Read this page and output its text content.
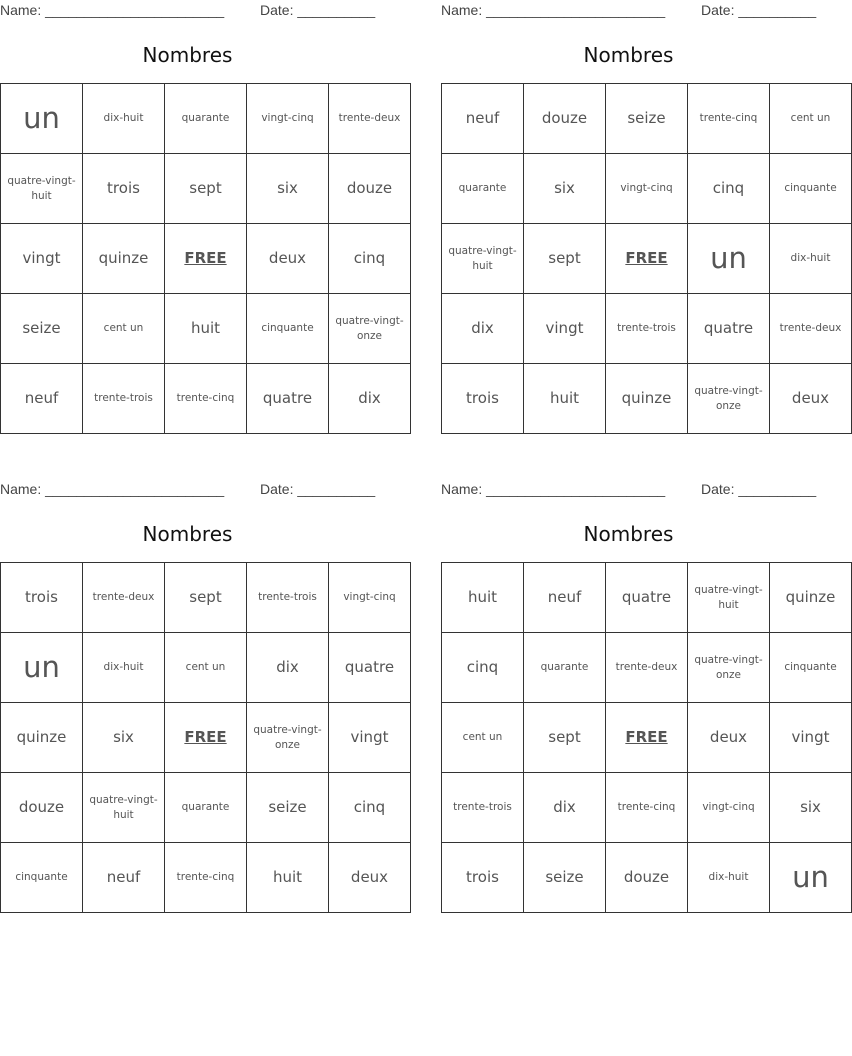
Name: _______________________	Date: __________
Nombres
un	dix-huit	quarante	vingt-cinq	trente-deux
quatre-vingt-huit	trois	sept	six	douze
vingt	quinze	FREE	deux	cinq
seize	cent un	huit	cinquante	quatre-vingt-onze
neuf	trente-trois	trente-cinq	quatre	dix
Name: _______________________	Date: __________
Nombres
neuf	douze	seize	trente-cinq	cent un
quarante	six	vingt-cinq	cinq	cinquante
quatre-vingt-huit	sept	FREE	un	dix-huit
dix	vingt	trente-trois	quatre	trente-deux
trois	huit	quinze	quatre-vingt-onze	deux
Name: _______________________	Date: __________
Nombres
trois	trente-deux	sept	trente-trois	vingt-cinq
un	dix-huit	cent un	dix	quatre
quinze	six	FREE	quatre-vingt-onze	vingt
douze	quatre-vingt-huit	quarante	seize	cinq
cinquante	neuf	trente-cinq	huit	deux
Name: _______________________	Date: __________
Nombres
huit	neuf	quatre	quatre-vingt-huit	quinze
cinq	quarante	trente-deux	quatre-vingt-onze	cinquante
cent un	sept	FREE	deux	vingt
trente-trois	dix	trente-cinq	vingt-cinq	six
trois	seize	douze	dix-huit	un
